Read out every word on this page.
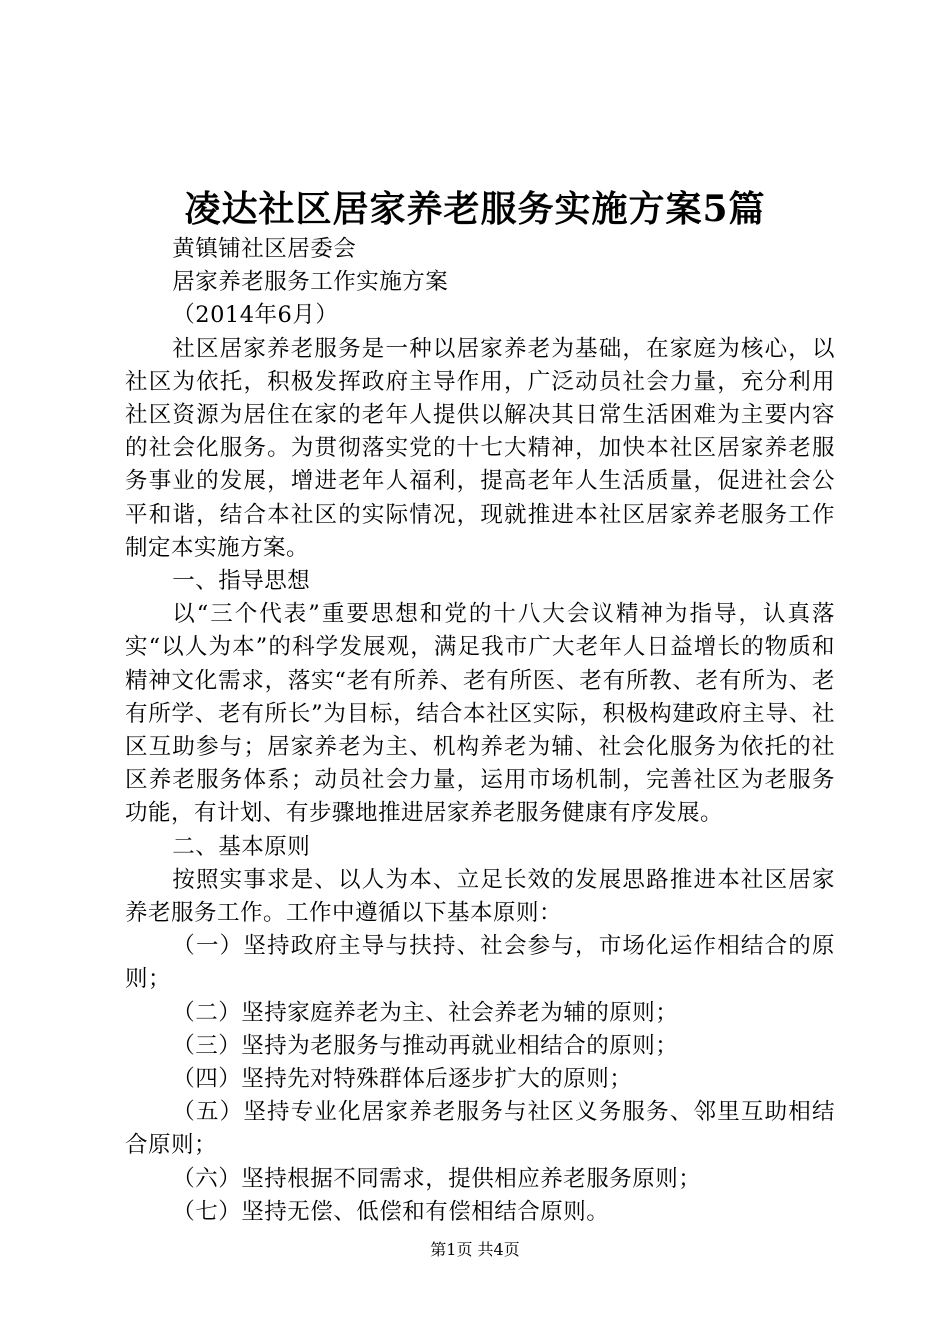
凌达社区居家养老服务实施方案5篇

黄镇铺社区居委会

居家养老服务工作实施方案

（2014年6月）

社区居家养老服务是一种以居家养老为基础，在家庭为核心，以社区为依托，积极发挥政府主导作用，广泛动员社会力量，充分利用社区资源为居住在家的老年人提供以解决其日常生活困难为主要内容的社会化服务。为贯彻落实党的十七大精神，加快本社区居家养老服务事业的发展，增进老年人福利，提高老年人生活质量，促进社会公平和谐，结合本社区的实际情况，现就推进本社区居家养老服务工作制定本实施方案。

一、指导思想

以“三个代表”重要思想和党的十八大会议精神为指导，认真落实“以人为本”的科学发展观，满足我市广大老年人日益增长的物质和精神文化需求，落实“老有所养、老有所医、老有所教、老有所为、老有所学、老有所长”为目标，结合本社区实际，积极构建政府主导、社区互助参与；居家养老为主、机构养老为辅、社会化服务为依托的社区养老服务体系；动员社会力量，运用市场机制，完善社区为老服务功能，有计划、有步骤地推进居家养老服务健康有序发展。

二、基本原则

按照实事求是、以人为本、立足长效的发展思路推进本社区居家养老服务工作。工作中遵循以下基本原则：

（一）坚持政府主导与扶持、社会参与，市场化运作相结合的原则；

（二）坚持家庭养老为主、社会养老为辅的原则；

（三）坚持为老服务与推动再就业相结合的原则；

（四）坚持先对特殊群体后逐步扩大的原则；

（五）坚持专业化居家养老服务与社区义务服务、邻里互助相结合原则；

（六）坚持根据不同需求，提供相应养老服务原则；

（七）坚持无偿、低偿和有偿相结合原则。

第1页 共4页
